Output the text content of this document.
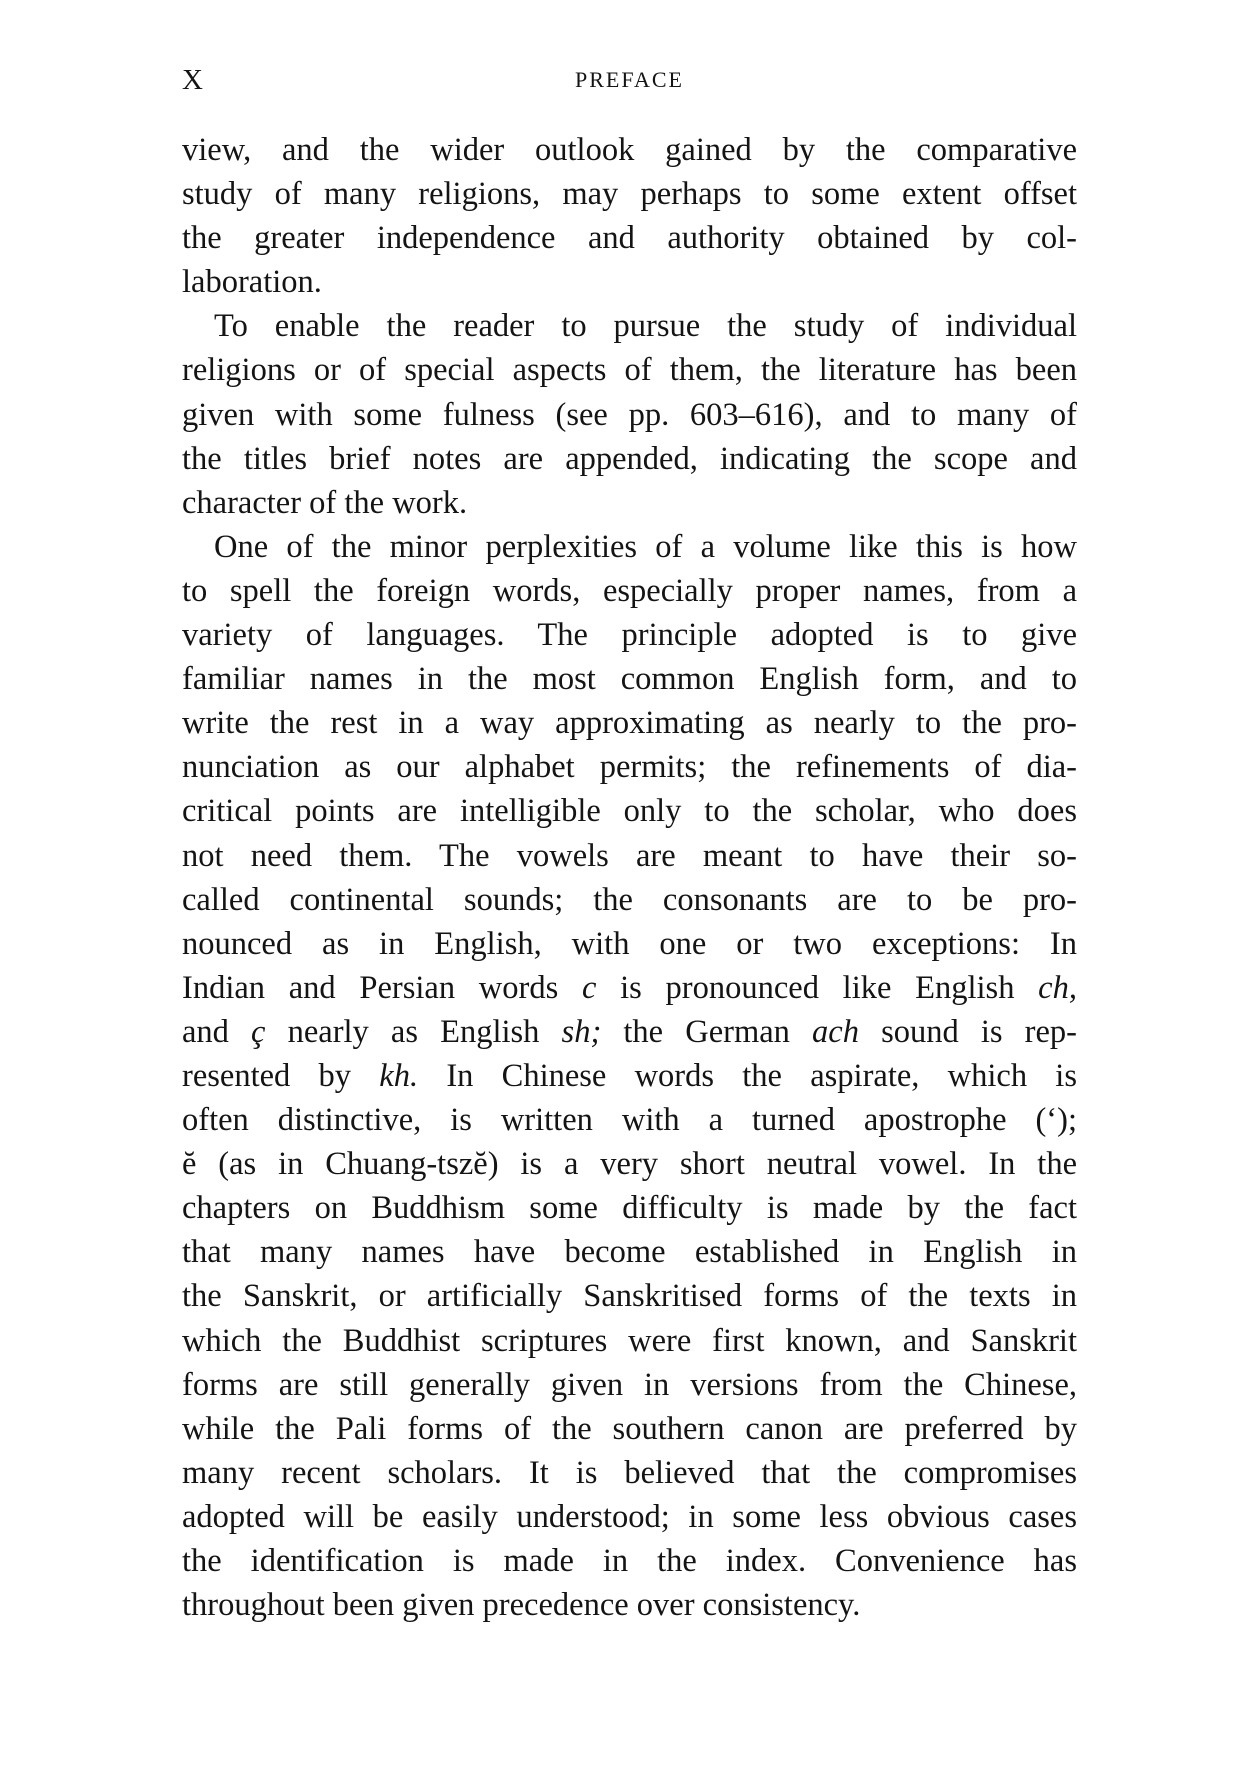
X	PREFACE
view, and the wider outlook gained by the comparative
study of many religions, may perhaps to some extent offset
the greater independence and authority obtained by col-
laboration.
To enable the reader to pursue the study of individual
religions or of special aspects of them, the literature has been
given with some fulness (see pp. 603–616), and to many of
the titles brief notes are appended, indicating the scope and
character of the work.
One of the minor perplexities of a volume like this is how
to spell the foreign words, especially proper names, from a
variety of languages. The principle adopted is to give
familiar names in the most common English form, and to
write the rest in a way approximating as nearly to the pro-
nunciation as our alphabet permits; the refinements of dia-
critical points are intelligible only to the scholar, who does
not need them. The vowels are meant to have their so-
called continental sounds; the consonants are to be pro-
nounced as in English, with one or two exceptions: In
Indian and Persian words c is pronounced like English ch,
and ç nearly as English sh; the German ach sound is rep-
resented by kh. In Chinese words the aspirate, which is
often distinctive, is written with a turned apostrophe (‘);
ĕ (as in Chuang-tszĕ) is a very short neutral vowel. In the
chapters on Buddhism some difficulty is made by the fact
that many names have become established in English in
the Sanskrit, or artificially Sanskritised forms of the texts in
which the Buddhist scriptures were first known, and Sanskrit
forms are still generally given in versions from the Chinese,
while the Pali forms of the southern canon are preferred by
many recent scholars. It is believed that the compromises
adopted will be easily understood; in some less obvious cases
the identification is made in the index. Convenience has
throughout been given precedence over consistency.
